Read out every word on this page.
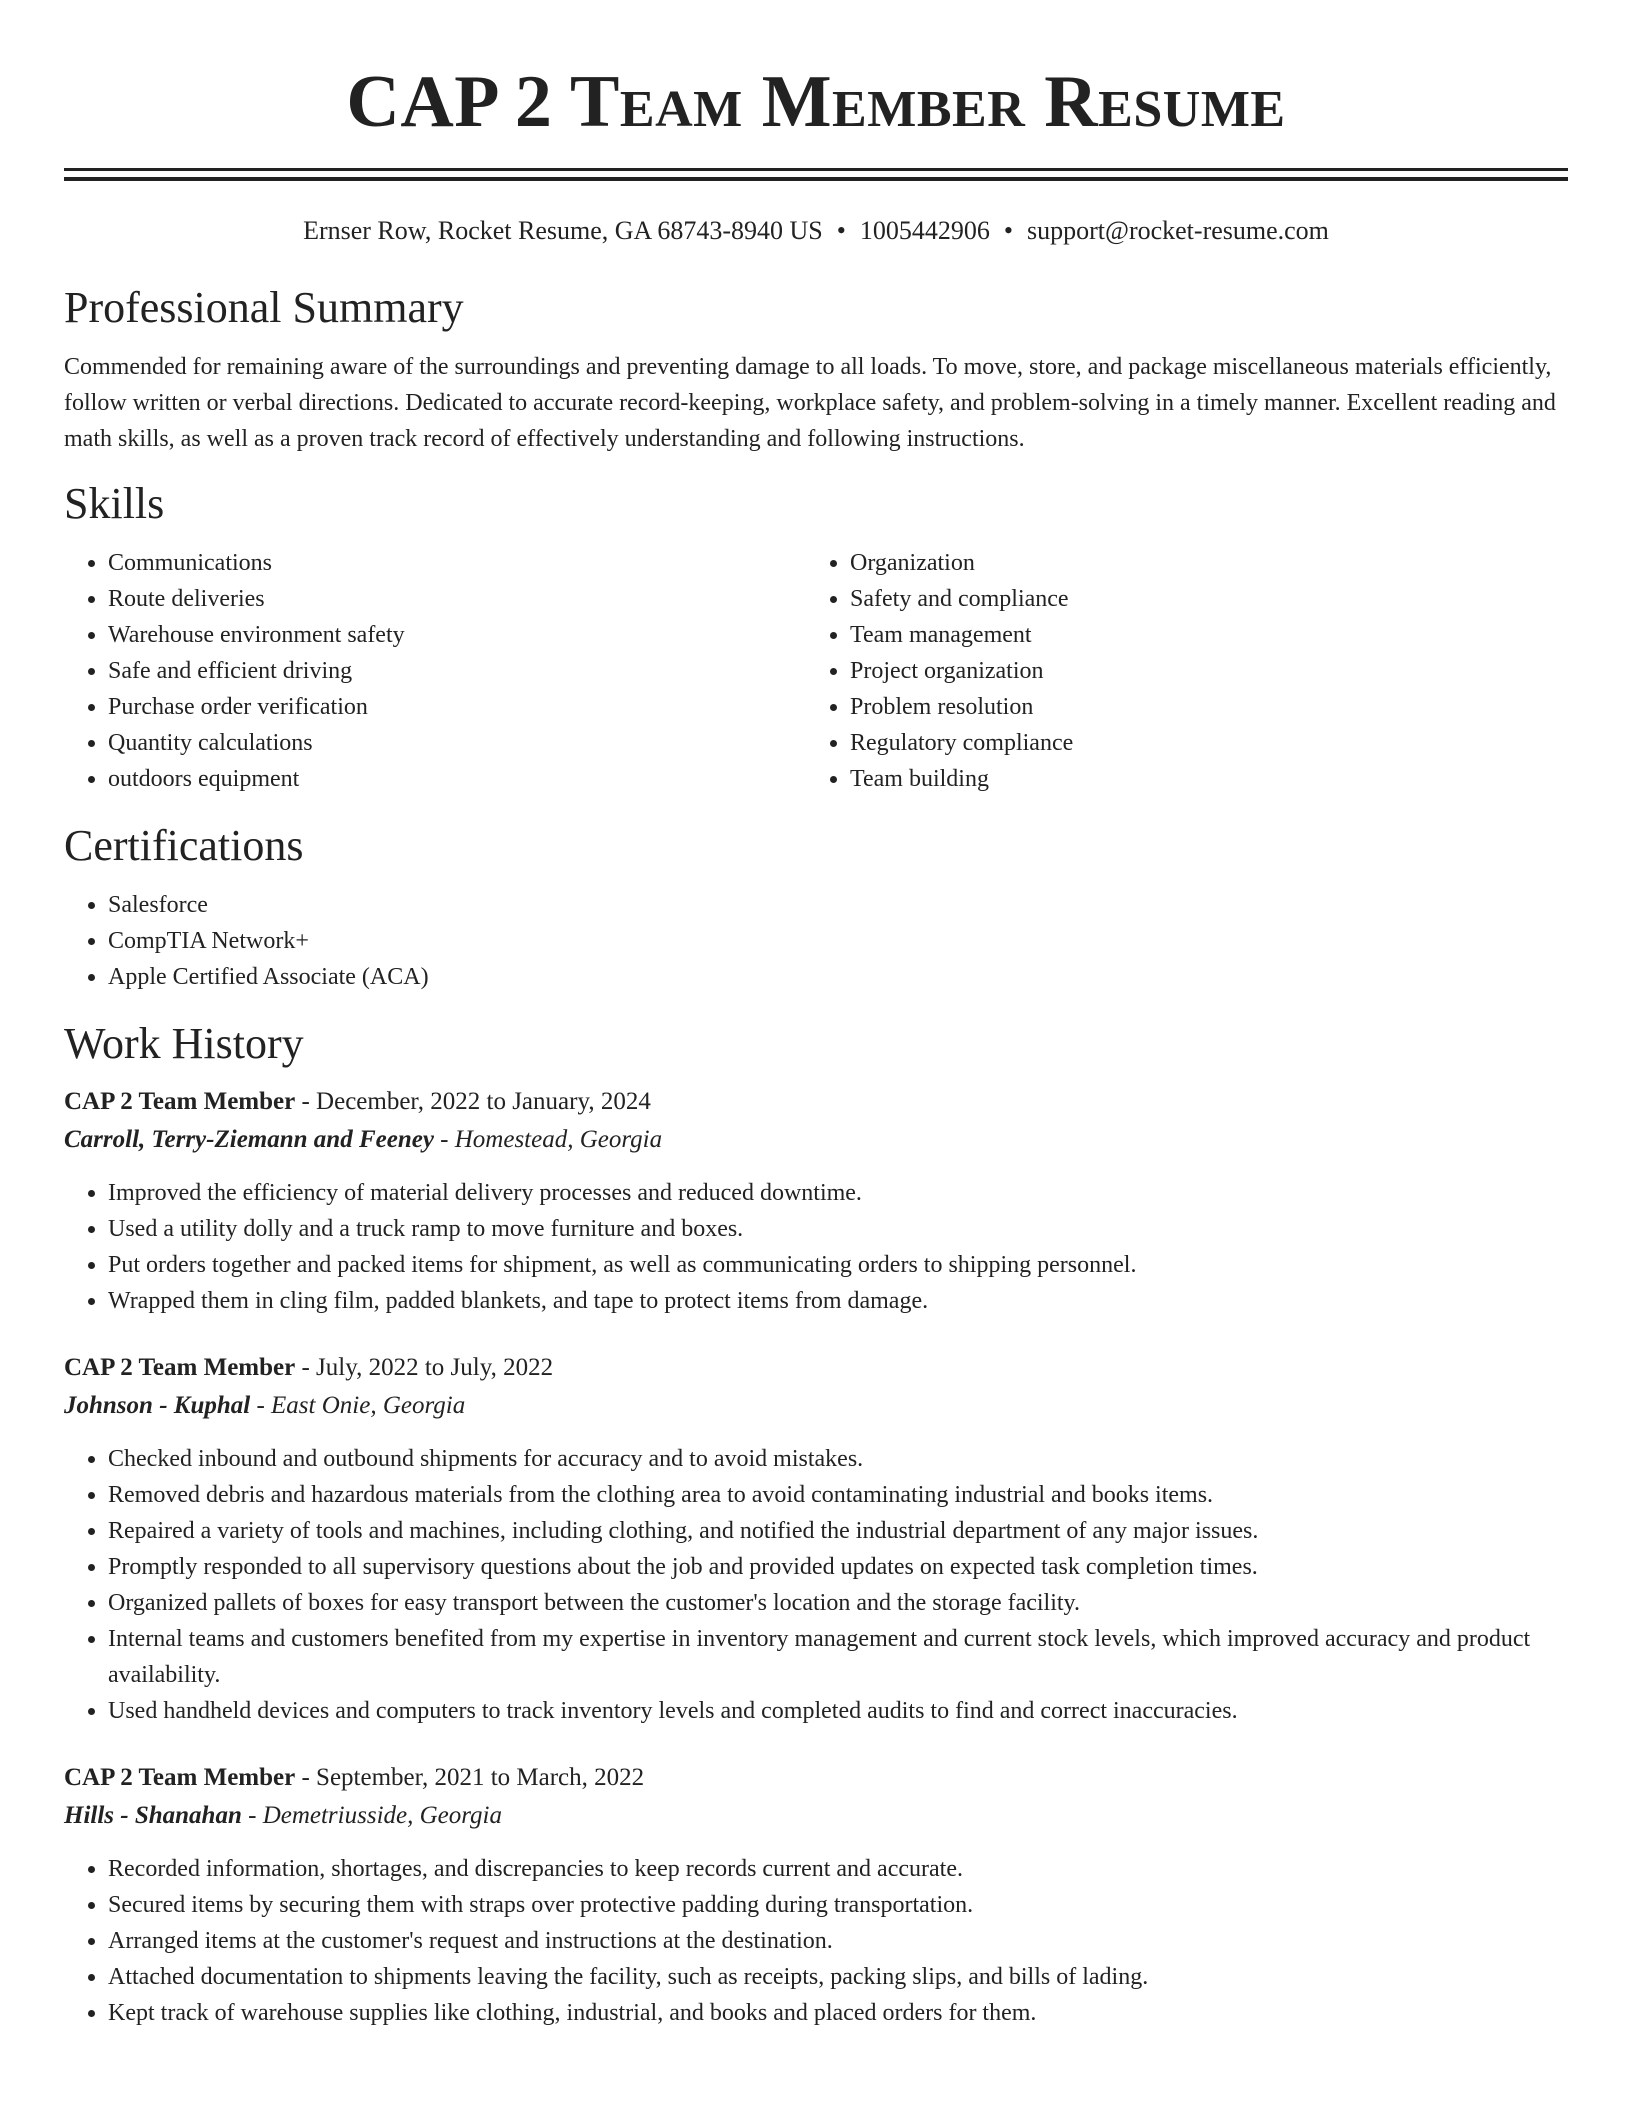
CAP 2 Team Member Resume
Ernser Row, Rocket Resume, GA 68743-8940 US • 1005442906 • support@rocket-resume.com
Professional Summary

Commended for remaining aware of the surroundings and preventing damage to all loads. To move, store, and package miscellaneous materials efficiently, follow written or verbal directions. Dedicated to accurate record-keeping, workplace safety, and problem-solving in a timely manner. Excellent reading and math skills, as well as a proven track record of effectively understanding and following instructions.

Skills
• Communications
• Route deliveries
• Warehouse environment safety
• Safe and efficient driving
• Purchase order verification
• Quantity calculations
• outdoors equipment
• Organization
• Safety and compliance
• Team management
• Project organization
• Problem resolution
• Regulatory compliance
• Team building
Certifications
• Salesforce
• CompTIA Network+
• Apple Certified Associate (ACA)
Work History
CAP 2 Team Member - December, 2022 to January, 2024
Carroll, Terry-Ziemann and Feeney - Homestead, Georgia
• Improved the efficiency of material delivery processes and reduced downtime.
• Used a utility dolly and a truck ramp to move furniture and boxes.
• Put orders together and packed items for shipment, as well as communicating orders to shipping personnel.
• Wrapped them in cling film, padded blankets, and tape to protect items from damage.
CAP 2 Team Member - July, 2022 to July, 2022
Johnson - Kuphal - East Onie, Georgia
• Checked inbound and outbound shipments for accuracy and to avoid mistakes.
• Removed debris and hazardous materials from the clothing area to avoid contaminating industrial and books items.
• Repaired a variety of tools and machines, including clothing, and notified the industrial department of any major issues.
• Promptly responded to all supervisory questions about the job and provided updates on expected task completion times.
• Organized pallets of boxes for easy transport between the customer's location and the storage facility.
• Internal teams and customers benefited from my expertise in inventory management and current stock levels, which improved accuracy and product availability.
• Used handheld devices and computers to track inventory levels and completed audits to find and correct inaccuracies.
CAP 2 Team Member - September, 2021 to March, 2022
Hills - Shanahan - Demetriusside, Georgia
• Recorded information, shortages, and discrepancies to keep records current and accurate.
• Secured items by securing them with straps over protective padding during transportation.
• Arranged items at the customer's request and instructions at the destination.
• Attached documentation to shipments leaving the facility, such as receipts, packing slips, and bills of lading.
• Kept track of warehouse supplies like clothing, industrial, and books and placed orders for them.
